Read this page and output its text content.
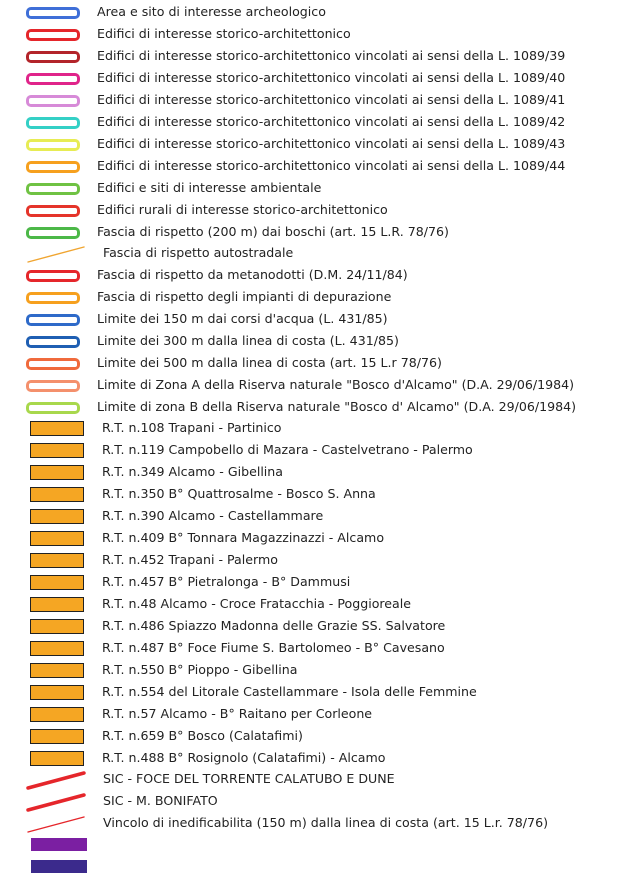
Area e sito di interesse archeologico
Edifici di interesse storico-architettonico
Edifici di interesse storico-architettonico vincolati ai sensi della L. 1089/39
Edifici di interesse storico-architettonico vincolati ai sensi della L. 1089/40
Edifici di interesse storico-architettonico vincolati ai sensi della L. 1089/41
Edifici di interesse storico-architettonico vincolati ai sensi della L. 1089/42
Edifici di interesse storico-architettonico vincolati ai sensi della L. 1089/43
Edifici di interesse storico-architettonico vincolati ai sensi della L. 1089/44
Edifici e siti di interesse ambientale
Edifici rurali di interesse storico-architettonico
Fascia di rispetto (200 m) dai boschi (art. 15 L.R. 78/76)
Fascia di rispetto autostradale
Fascia di rispetto da metanodotti (D.M. 24/11/84)
Fascia di rispetto degli impianti di depurazione
Limite dei 150 m dai corsi d'acqua (L. 431/85)
Limite dei 300 m dalla linea di costa (L. 431/85)
Limite dei 500 m dalla linea di costa (art. 15 L.r 78/76)
Limite di Zona A della Riserva naturale "Bosco d'Alcamo" (D.A. 29/06/1984)
Limite di zona B della Riserva naturale "Bosco d' Alcamo" (D.A. 29/06/1984)
R.T. n.108 Trapani - Partinico
R.T. n.119 Campobello di Mazara - Castelvetrano - Palermo
R.T. n.349 Alcamo - Gibellina
R.T. n.350 B° Quattrosalme - Bosco S. Anna
R.T. n.390 Alcamo - Castellammare
R.T. n.409 B° Tonnara Magazzinazzi - Alcamo
R.T. n.452 Trapani - Palermo
R.T. n.457 B° Pietralonga - B° Dammusi
R.T. n.48 Alcamo - Croce Fratacchia - Poggioreale
R.T. n.486 Spiazzo Madonna delle Grazie SS. Salvatore
R.T. n.487 B° Foce Fiume S. Bartolomeo - B° Cavesano
R.T. n.550 B° Pioppo - Gibellina
R.T. n.554 del Litorale Castellammare - Isola delle Femmine
R.T. n.57 Alcamo - B° Raitano per Corleone
R.T. n.659 B° Bosco (Calatafimi)
R.T. n.488 B° Rosignolo (Calatafimi) - Alcamo
SIC - FOCE DEL TORRENTE CALATUBO E DUNE
SIC - M. BONIFATO
Vincolo di inedificabilita (150 m) dalla linea di costa (art. 15 L.r. 78/76)
